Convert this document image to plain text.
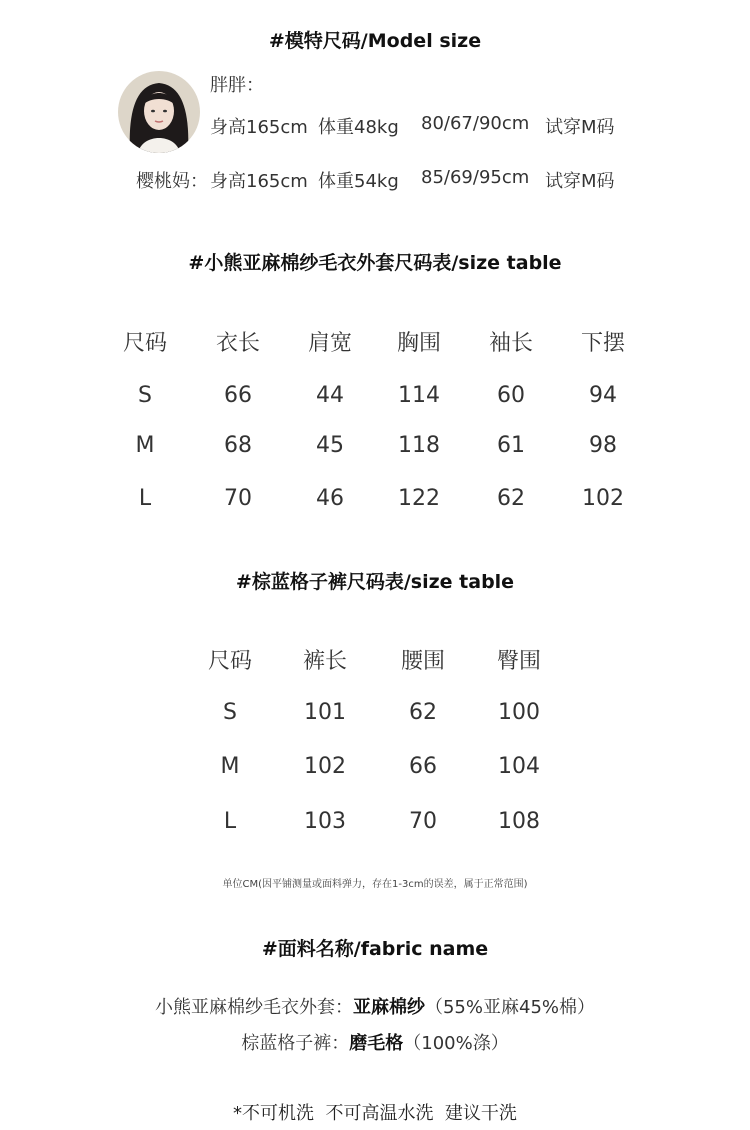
#模特尺码/Model size
胖胖：
身高165cm 体重48kg 80/67/90cm 试穿M码
樱桃妈： 身高165cm 体重54kg 85/69/95cm 试穿M码
#小熊亚麻棉纱毛衣外套尺码表/size table
尺码	衣长	肩宽	胸围	袖长	下摆
S	66	44	114	60	94
M	68	45	118	61	98
L	70	46	122	62	102
#棕蓝格子裤尺码表/size table
尺码	裤长	腰围	臀围
S	101	62	100
M	102	66	104
L	103	70	108
单位CM(因平铺测量或面料弹力，存在1-3cm的误差，属于正常范围)
#面料名称/fabric name
小熊亚麻棉纱毛衣外套：亚麻棉纱（55%亚麻45%棉）
棕蓝格子裤：磨毛格（100%涤）
*不可机洗  不可高温水洗  建议干洗
